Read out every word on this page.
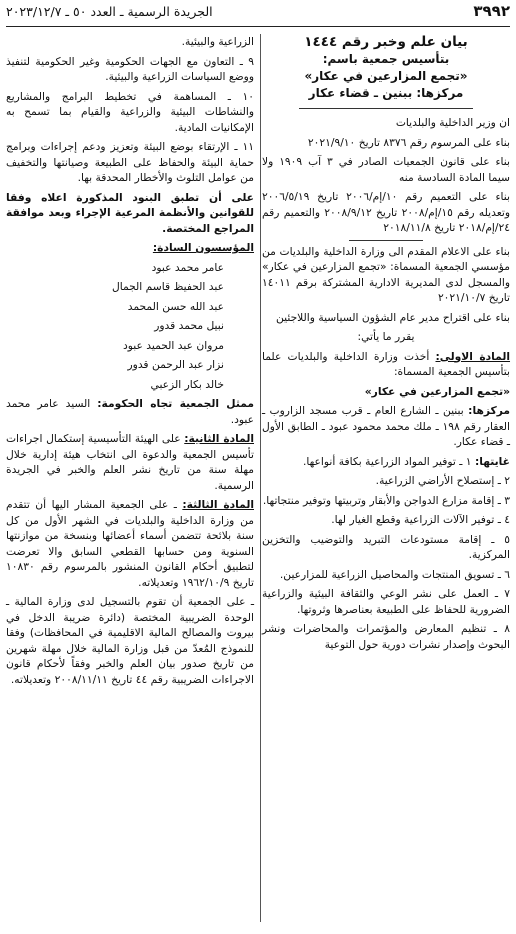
٣٩٩٢
الجريدة الرسمية ـ العدد ٥٠ ـ ٢٠٢٣/١٢/٧
بيان علم وخبر رقم ١٤٤٤
بتأسيس جمعية باسم:
«تجمع المزارعين في عكار»
مركزها: ببنين ـ قضاء عكار

ان وزير الداخلية والبلديات

بناء على المرسوم رقم ٨٣٧٦ تاريخ ٢٠٢١/٩/١٠

بناء على قانون الجمعيات الصادر في ٣ آب ١٩٠٩ ولا سيما المادة السادسة منه

بناء على التعميم رقم ١٠/إم/٢٠٠٦ تاريخ ٢٠٠٦/٥/١٩ وتعديله رقم ١٥/إم/٢٠٠٨ تاريخ ٢٠٠٨/٩/١٢ والتعميم رقم ٢٤/إم/٢٠١٨ تاريخ ٢٠١٨/١١/٨

بناء على الاعلام المقدم الى وزارة الداخلية والبلديات من مؤسسي الجمعية المسماة: «تجمع المزارعين في عكار» والمسجل لدى المديرية الادارية المشتركة برقم ١٤٠١١ تاريخ ٢٠٢١/١٠/٧

بناء على اقتراح مدير عام الشؤون السياسية واللاجئين

يقرر ما يأتي:

المادة الاولى: أخذت وزارة الداخلية والبلديات علما بتأسيس الجمعية المسماة:

«تجمع المزارعين في عكار»

مركزها: ببنين ـ الشارع العام ـ قرب مسجد الزاروب ـ العقار رقم ١٩٨ ـ ملك محمد محمود عبود ـ الطابق الأول ـ قضاء عكار.

غايتها: ١ ـ توفير المواد الزراعية بكافة أنواعها.

٢ ـ إستصلاح الأراضي الزراعية.

٣ ـ إقامة مزارع الدواجن والأبقار وتربيتها وتوفير منتجاتها.

٤ ـ توفير الآلات الزراعية وقطع الغيار لها.

٥ ـ إقامة مستودعات التبريد والتوضيب والتخزين المركزية.

٦ ـ تسويق المنتجات والمحاصيل الزراعية للمزارعين.

٧ ـ العمل على نشر الوعي والثقافة البيئية والزراعية الضرورية للحفاظ على الطبيعة بعناصرها وثروتها.

٨ ـ تنظيم المعارض والمؤتمرات والمحاضرات ونشر البحوث وإصدار نشرات دورية حول التوعية

الزراعية والبيئية.

٩ ـ التعاون مع الجهات الحكومية وغير الحكومية لتنفيذ ووضع السياسات الزراعية والبيئية.

١٠ ـ المساهمة في تخطيط البرامج والمشاريع والنشاطات البيئية والزراعية والقيام بما تسمح به الإمكانيات المادية.

١١ ـ الإرتقاء بوضع البيئة وتعزيز ودعم إجراءات وبرامج حماية البيئة والحفاظ على الطبيعة وصيانتها والتخفيف من عوامل التلوث والأخطار المحدقة بها.

على أن تطبق البنود المذكورة اعلاه وفقا للقوانين والأنظمة المرعية الإجراء وبعد موافقة المراجع المختصة.

المؤسسون السادة:

عامر محمد عبود

عبد الحفيظ قاسم الجمال

عبد الله حسن المحمد

نبيل محمد قدور

مروان عبد الحميد عبود

نزار عبد الرحمن قدور

خالد بكار الزعبي

ممثل الجمعية تجاه الحكومة: السيد عامر محمد عبود.

المادة الثانية: على الهيئة التأسيسية إستكمال اجراءات تأسيس الجمعية والدعوة الى انتخاب هيئة إدارية خلال مهلة سنة من تاريخ نشر العلم والخبر في الجريدة الرسمية.

المادة الثالثة: ـ على الجمعية المشار اليها أن تتقدم من وزارة الداخلية والبلديات في الشهر الأول من كل سنة بلائحة تتضمن أسماء أعضائها وبنسخة من موازنتها السنوية ومن حسابها القطعي السابق والا تعرضت لتطبيق أحكام القانون المنشور بالمرسوم رقم ١٠٨٣٠ تاريخ ١٩٦٢/١٠/٩ وتعديلاته.

ـ على الجمعية أن تقوم بالتسجيل لدى وزارة المالية ـ الوحدة الضريبية المختصة (دائرة ضريبة الدخل في بيروت والمصالح المالية الاقليمية في المحافظات) وفقا للنموذج المُعدّ من قبل وزارة المالية خلال مهلة شهرين من تاريخ صدور بيان العلم والخبر وفقاً لأحكام قانون الاجراءات الضريبية رقم ٤٤ تاريخ ٢٠٠٨/١١/١١ وتعديلاته.
